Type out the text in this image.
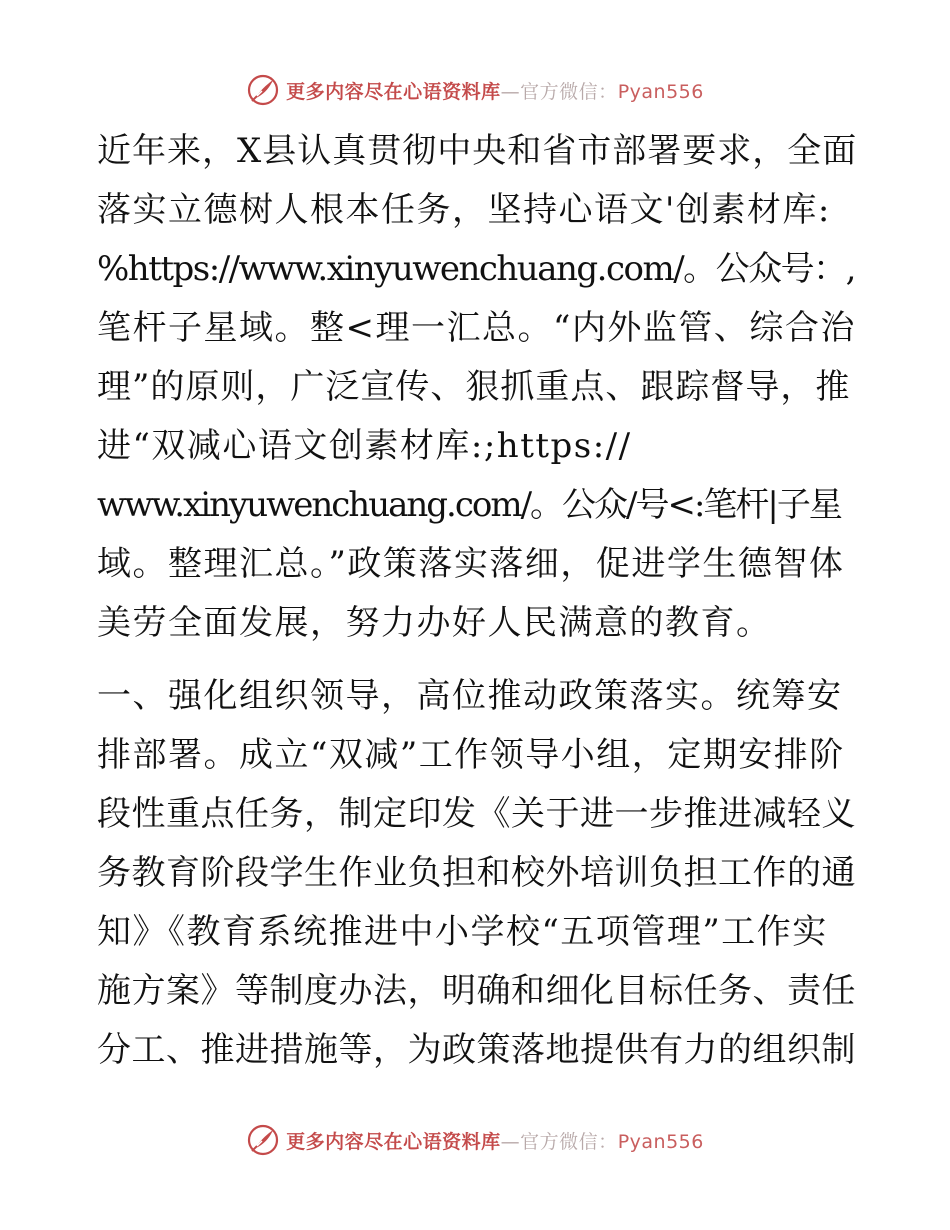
更多内容尽在心语资料库—官方微信：Pyan556

近年来，X县认真贯彻中央和省市部署要求，全面
落实立德树人根本任务，坚持心语文'创素材库:
%https://www.xinyuwenchuang.com/。公众号：,
笔杆子星域。整<理一汇总。“内外监管、综合治
理”的原则，广泛宣传、狠抓重点、跟踪督导，推
进“双减心语文创素材库:;https://
www.xinyuwenchuang.com/。公众/号<:笔杆|子星
域。整理汇总。”政策落实落细，促进学生德智体
美劳全面发展，努力办好人民满意的教育。

一、强化组织领导，高位推动政策落实。统筹安
排部署。成立“双减”工作领导小组，定期安排阶
段性重点任务，制定印发《关于进一步推进减轻义
务教育阶段学生作业负担和校外培训负担工作的通
知》《教育系统推进中小学校“五项管理”工作实
施方案》等制度办法，明确和细化目标任务、责任
分工、推进措施等，为政策落地提供有力的组织制

更多内容尽在心语资料库—官方微信：Pyan556
